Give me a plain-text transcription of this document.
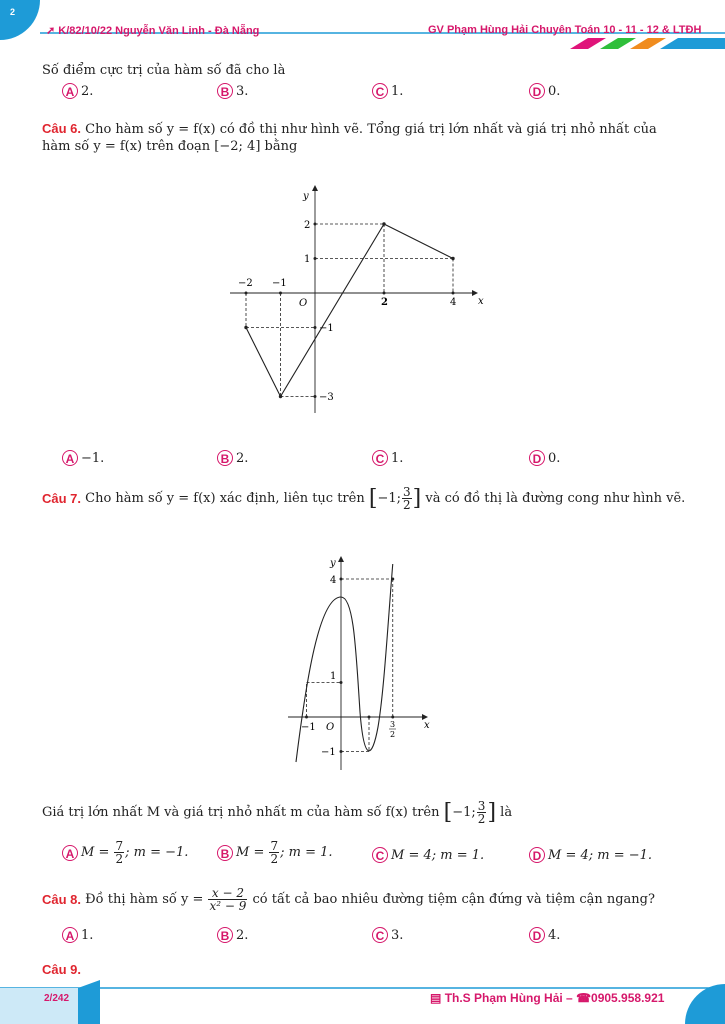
2
➚ K/82/10/22 Nguyễn Văn Linh - Đà Nẵng	GV Phạm Hùng Hải Chuyên Toán 10 - 11 - 12 & LTĐH
Số điểm cực trị của hàm số đã cho là
A 2.	B 3.	C 1.	D 0.
Câu 6. Cho hàm số y = f(x) có đồ thị như hình vẽ. Tổng giá trị lớn nhất và giá trị nhỏ nhất của
hàm số y = f(x) trên đoạn [−2; 4] bằng
x
y
O
−2 −1
2	4
2
1
−1
−3
A −1.	B 2.	C 1.	D 0.
Câu 7.
Cho hàm số y = f(x) xác định, liên tục trên
[ −1; $\frac{3}{2}$ ]
và có đồ thị là đường cong như hình vẽ.
x
y
O
−1	3
2
4
1
−1
Giá trị lớn nhất M và giá trị nhỏ nhất m của hàm số f(x) trên
[ −1; $\frac{3}{2}$ ]
là
A M =
$\frac{7}{2}$ ; m = −1.	B M =
$\frac{7}{2}$ ; m = 1.	C M = 4; m = 1.	D M = 4; m = −1.
Câu 8.
Đồ thị hàm số y =
$\frac{x - 2}{\text{x² − 9}}$
có tất cả bao nhiêu đường tiệm cận đứng và tiệm cận ngang?
A 1.	B 2.	C 3.	D 4.
Câu 9.
2/242	▤ Th.S Phạm Hùng Hải – ☎0905.958.921
